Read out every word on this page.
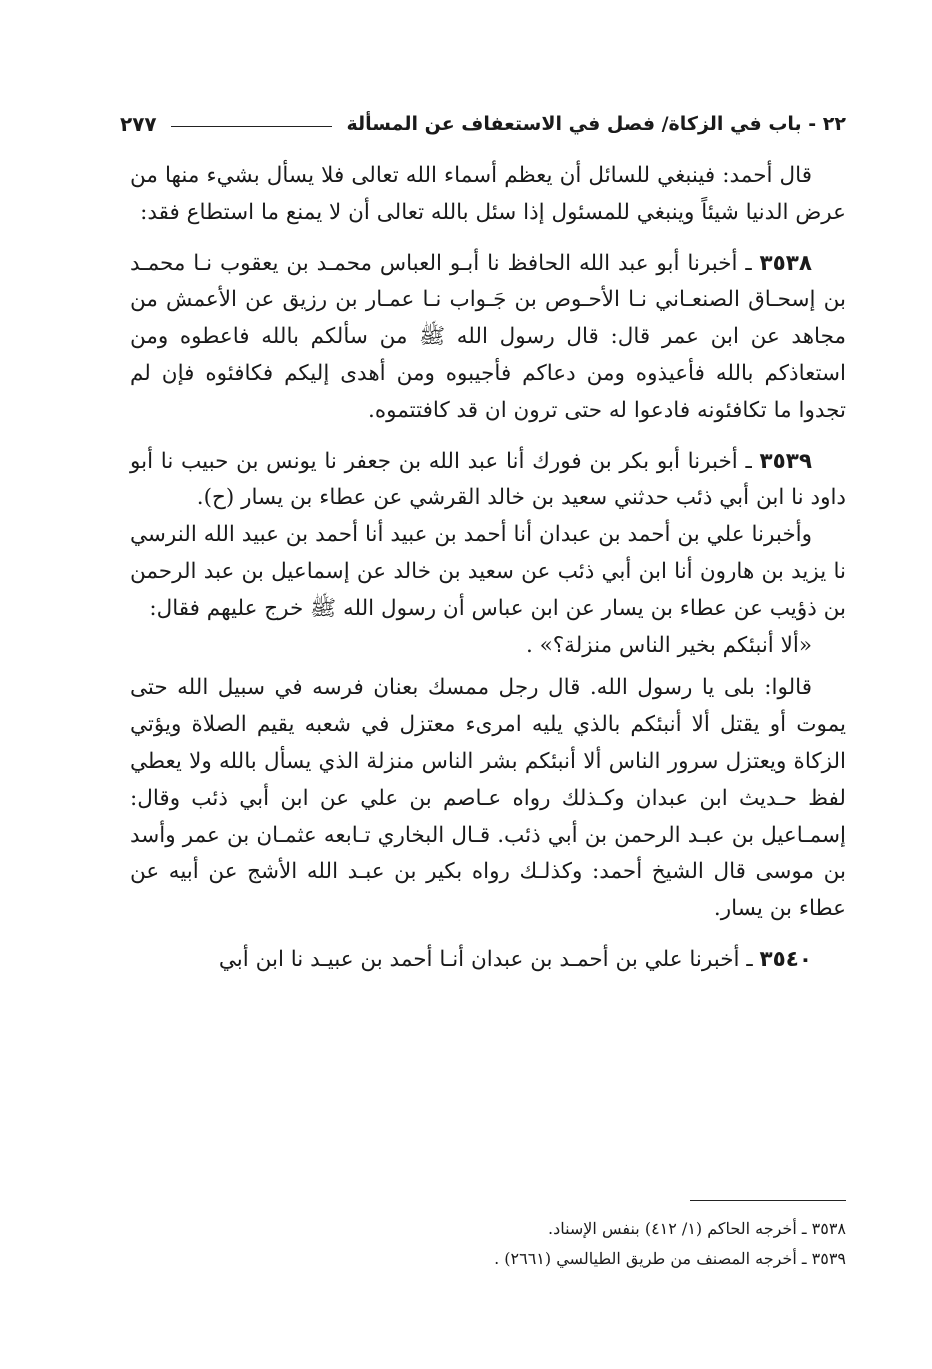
٢٢ - باب في الزكاة/ فصل في الاستعفاف عن المسألة
٢٧٧

قال أحمد: فينبغي للسائل أن يعظم أسماء الله تعالى فلا يسأل بشيء منها من عرض الدنيا شيئاً وينبغي للمسئول إذا سئل بالله تعالى أن لا يمنع ما استطاع فقد:

٣٥٣٨ ـ أخبرنا أبو عبد الله الحافظ نا أبـو العباس محمـد بن يعقوب نـا محمـد بن إسحـاق الصنعـاني نـا الأحـوص بن جَـواب نـا عمـار بن رزيق عن الأعمش من مجاهد عن ابن عمر قال: قال رسول الله ﷺ من سألكم بالله فاعطوه ومن استعاذكم بالله فأعيذوه ومن دعاكم فأجيبوه ومن أهدى إليكم فكافئوه فإن لم تجدوا ما تكافئونه فادعوا له حتى ترون ان قد كافتتموه.

٣٥٣٩ ـ أخبرنا أبو بكر بن فورك أنا عبد الله بن جعفر نا يونس بن حبيب نا أبو داود نا ابن أبي ذئب حدثني سعيد بن خالد القرشي عن عطاء بن يسار (ح).

وأخبرنا علي بن أحمد بن عبدان أنا أحمد بن عبيد أنا أحمد بن عبيد الله النرسي نا يزيد بن هارون أنا ابن أبي ذئب عن سعيد بن خالد عن إسماعيل بن عبد الرحمن بن ذؤيب عن عطاء بن يسار عن ابن عباس أن رسول الله ﷺ خرج عليهم فقال:

«ألا أنبئكم بخير الناس منزلة؟» .

قالوا: بلى يا رسول الله. قال رجل ممسك بعنان فرسه في سبيل الله حتى يموت أو يقتل ألا أنبئكم بالذي يليه امرىء معتزل في شعبه يقيم الصلاة ويؤتي الزكاة ويعتزل سرور الناس ألا أنبئكم بشر الناس منزلة الذي يسأل بالله ولا يعطي لفظ حـديث ابن عبدان وكـذلك رواه عـاصم بن علي عن ابن أبي ذئب وقال: إسمـاعيل بن عبـد الرحمن بن أبي ذئب. قـال البخاري تـابعه عثمـان بن عمر وأسد بن موسى قال الشيخ أحمد: وكذلـك رواه بكير بن عبـد الله الأشج عن أبيه عن عطاء بن يسار.

٣٥٤٠ ـ أخبرنا علي بن أحمـد بن عبدان أنـا أحمد بن عبيـد نا ابن أبي

٣٥٣٨ ـ أخرجه الحاكم (١/ ٤١٢) بنفس الإسناد.

٣٥٣٩ ـ أخرجه المصنف من طريق الطيالسي (٢٦٦١) .
